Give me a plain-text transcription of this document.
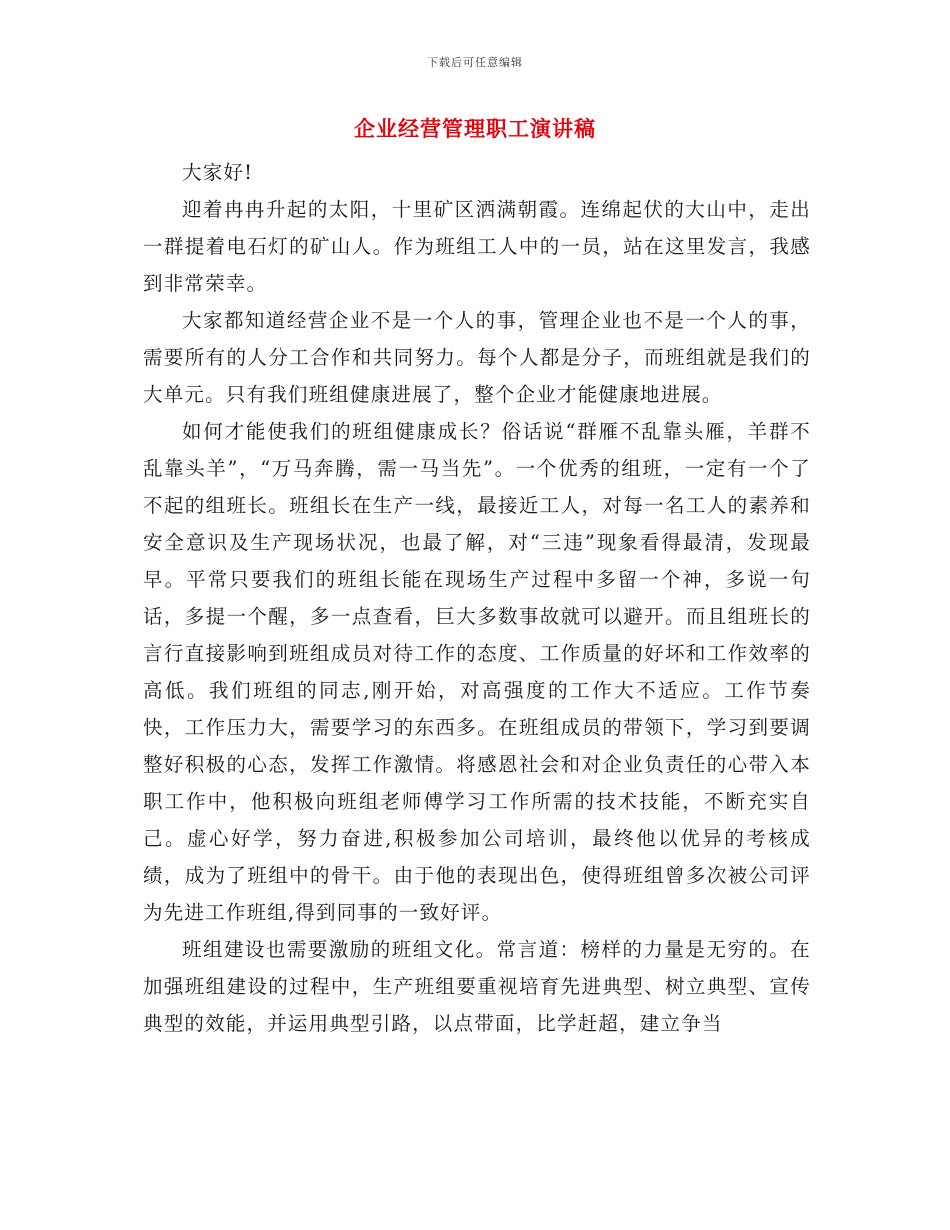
下载后可任意编辑
企业经营管理职工演讲稿

大家好!

迎着冉冉升起的太阳，十里矿区洒满朝霞。连绵起伏的大山中，走出一群提着电石灯的矿山人。作为班组工人中的一员，站在这里发言，我感到非常荣幸。

大家都知道经营企业不是一个人的事，管理企业也不是一个人的事，需要所有的人分工合作和共同努力。每个人都是分子，而班组就是我们的大单元。只有我们班组健康进展了，整个企业才能健康地进展。

如何才能使我们的班组健康成长？俗话说“群雁不乱靠头雁，羊群不乱靠头羊”，“万马奔腾，需一马当先”。一个优秀的组班，一定有一个了不起的组班长。班组长在生产一线，最接近工人，对每一名工人的素养和安全意识及生产现场状况，也最了解，对“三违”现象看得最清，发现最早。平常只要我们的班组长能在现场生产过程中多留一个神，多说一句话，多提一个醒，多一点查看，巨大多数事故就可以避开。而且组班长的言行直接影响到班组成员对待工作的态度、工作质量的好坏和工作效率的高低。我们班组的同志,刚开始，对高强度的工作大不适应。工作节奏快，工作压力大，需要学习的东西多。在班组成员的带领下，学习到要调整好积极的心态，发挥工作激情。将感恩社会和对企业负责任的心带入本职工作中，他积极向班组老师傅学习工作所需的技术技能，不断充实自己。虚心好学，努力奋进,积极参加公司培训，最终他以优异的考核成绩，成为了班组中的骨干。由于他的表现出色，使得班组曾多次被公司评为先进工作班组,得到同事的一致好评。

班组建设也需要激励的班组文化。常言道：榜样的力量是无穷的。在加强班组建设的过程中，生产班组要重视培育先进典型、树立典型、宣传典型的效能，并运用典型引路，以点带面，比学赶超，建立争当
